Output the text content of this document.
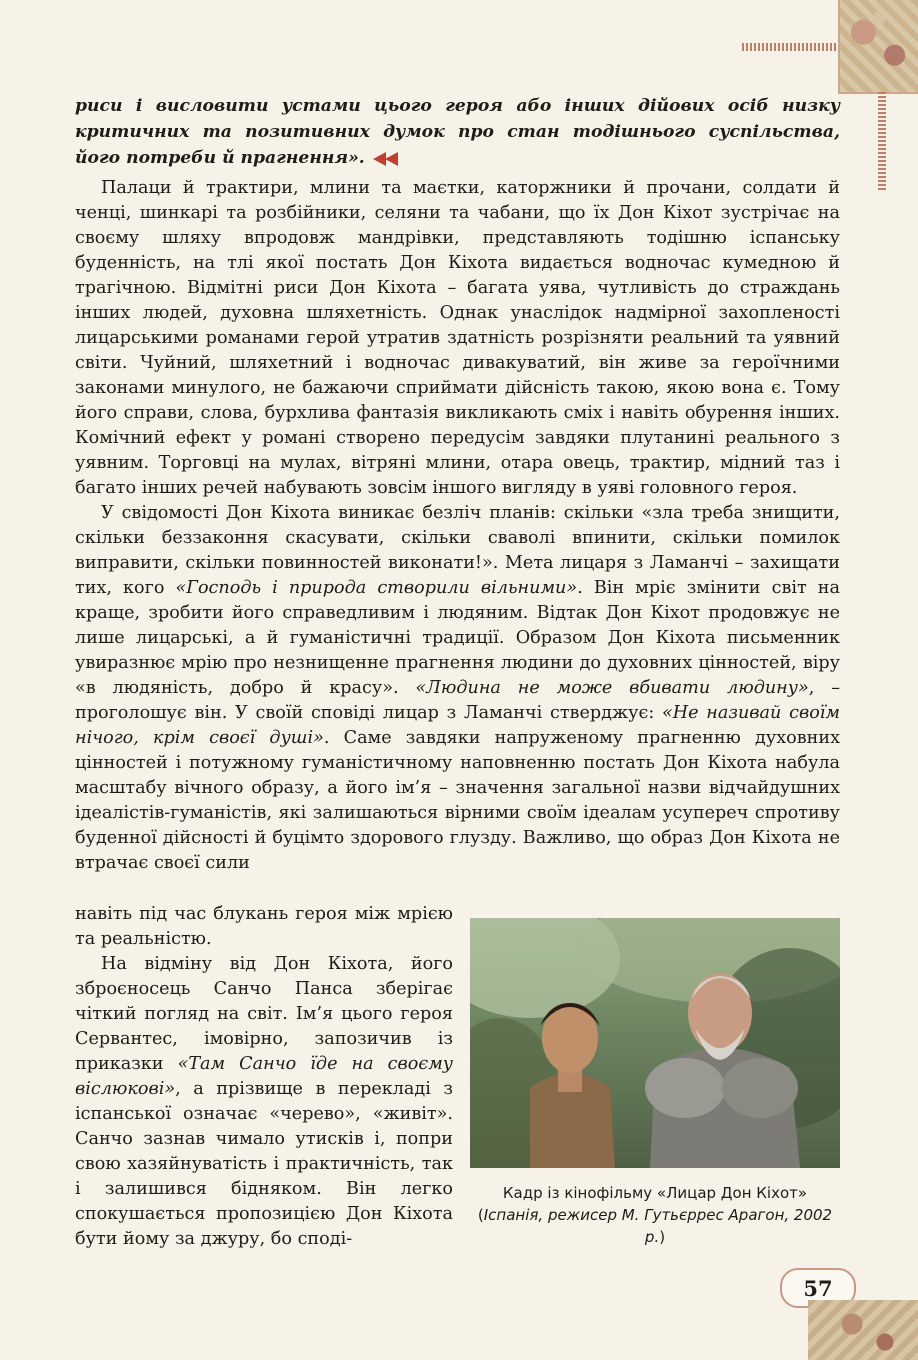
риси і висловити устами цього героя або інших дійових осіб низку критичних та позитивних думок про стан тодішнього суспільства, його потреби й прагнення».

Палаци й трактири, млини та маєтки, каторжники й прочани, солдати й ченці, шинкарі та розбійники, селяни та чабани, що їх Дон Кіхот зустрічає на своєму шляху впродовж мандрівки, представляють тодішню іспанську буденність, на тлі якої постать Дон Кіхота видається водночас кумедною й трагічною. Відмітні риси Дон Кіхота – багата уява, чутливість до страждань інших людей, духовна шляхетність. Однак унаслідок надмірної захопленості лицарськими романами герой утратив здатність розрізняти реальний та уявний світи. Чуйний, шляхетний і водночас дивакуватий, він живе за героїчними законами минулого, не бажаючи сприймати дійсність такою, якою вона є. Тому його справи, слова, бурхлива фантазія викликають сміх і навіть обурення інших. Комічний ефект у романі створено передусім завдяки плутанині реального з уявним. Торговці на мулах, вітряні млини, отара овець, трактир, мідний таз і багато інших речей набувають зовсім іншого вигляду в уяві головного героя.

У свідомості Дон Кіхота виникає безліч планів: скільки «зла треба знищити, скільки беззаконня скасувати, скільки сваволі впинити, скільки помилок виправити, скільки повинностей виконати!». Мета лицаря з Ламанчі – захищати тих, кого «Господь і природа створили вільними». Він мріє змінити світ на краще, зробити його справедливим і людяним. Відтак Дон Кіхот продовжує не лише лицарські, а й гуманістичні традиції. Образом Дон Кіхота письменник увиразнює мрію про незнищенне прагнення людини до духовних цінностей, віру «в людяність, добро й красу». «Людина не може вбивати людину», – проголошує він. У своїй сповіді лицар з Ламанчі стверджує: «Не називай своїм нічого, крім своєї душі». Саме завдяки напруженому прагненню духовних цінностей і потужному гуманістичному наповненню постать Дон Кіхота набула масштабу вічного образу, а його ім’я – значення загальної назви відчайдушних ідеалістів-гуманістів, які залишаються вірними своїм ідеалам усупереч спротиву буденної дійсності й буцімто здорового глузду. Важливо, що образ Дон Кіхота не втрачає своєї сили

навіть під час блукань героя між мрією та реальністю.

На відміну від Дон Кіхота, його зброєносець Санчо Панса зберігає чіткий погляд на світ. Ім’я цього героя Сервантес, імовірно, запозичив із приказки «Там Санчо їде на своєму віслюкові», а прізвище в перекладі з іспанської означає «черево», «живіт». Санчо зазнав чимало утисків і, попри свою хазяйнуватість і практичність, так і залишився бідняком. Він легко спокушається пропозицією Дон Кіхота бути йому за джуру, бо сподi-

Кадр із кінофільму «Лицар Дон Кіхот» (Іспанія, режисер М. Гутьєррес Арагон, 2002 р.)
57
